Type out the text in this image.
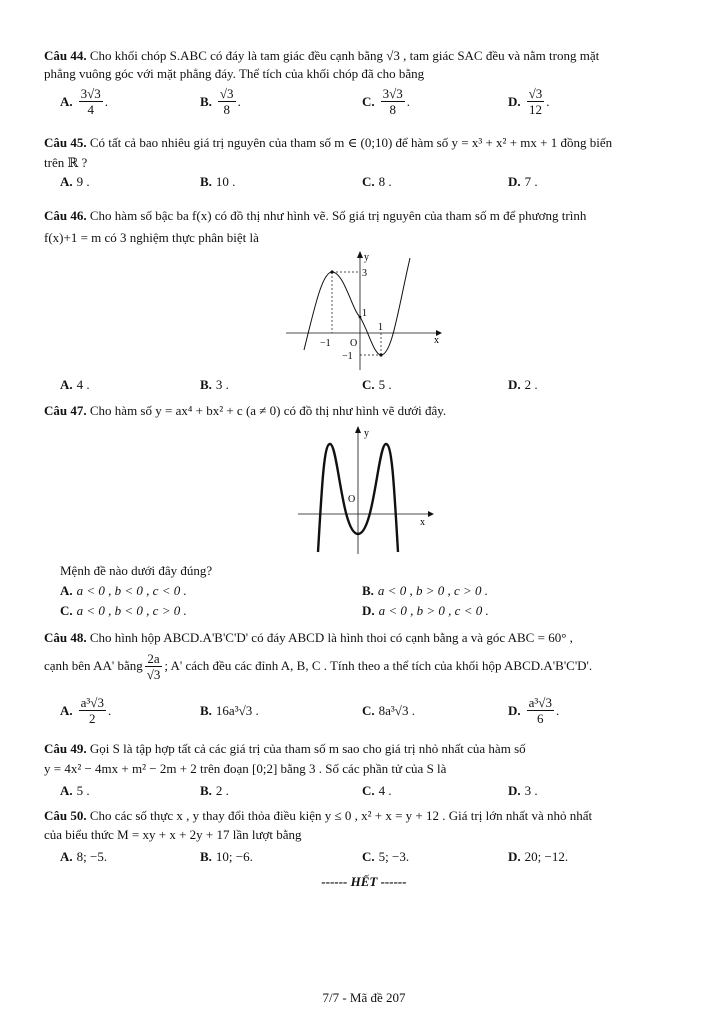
Câu 44. Cho khối chóp S.ABC có đáy là tam giác đều cạnh bằng √3 , tam giác SAC đều và nằm trong mặt
phẳng vuông góc với mặt phẳng đáy. Thể tích của khối chóp đã cho bằng
A. $\frac{3√3}{4}$ .	B. $\frac{√3}{8}$ .	C. $\frac{3√3}{8}$ .	D. $\frac{√3}{12}$ .
Câu 45. Có tất cả bao nhiêu giá trị nguyên của tham số m ∈ (0;10) để hàm số y = x³ + x² + mx + 1 đồng biến
trên ℝ ?
A. 9 .	B. 10 .	C. 8 .	D. 7 .
Câu 46. Cho hàm số bậc ba f(x) có đồ thị như hình vẽ. Số giá trị nguyên của tham số m để phương trình
f(x)+1 = m có 3 nghiệm thực phân biệt là
y
x
3
1
O
−1
1
−1
A. 4 .	B. 3 .	C. 5 .	D. 2 .
Câu 47. Cho hàm số y = ax⁴ + bx² + c (a ≠ 0) có đồ thị như hình vẽ dưới đây.
y
x
O
Mệnh đề nào dưới đây đúng?
A. a < 0 , b < 0 , c < 0 .	B. a < 0 , b > 0 , c > 0 .
C. a < 0 , b < 0 , c > 0 .	D. a < 0 , b > 0 , c < 0 .
Câu 48. Cho hình hộp ABCD.A'B'C'D' có đáy ABCD là hình thoi có cạnh bằng a và góc ABC = 60° ,
cạnh bên AA' bằng $\frac{2a}{√3}$ ; A' cách đều các đỉnh A, B, C . Tính theo a thể tích của khối hộp ABCD.A'B'C'D'.
A. $\frac{\text{a³√3}}{2}$ .	B. 16a³√3 .	C. 8a³√3 .	D. $\frac{\text{a³√3}}{6}$ .
Câu 49. Gọi S là tập hợp tất cả các giá trị của tham số m sao cho giá trị nhỏ nhất của hàm số
y = 4x² − 4mx + m² − 2m + 2 trên đoạn [0;2] bằng 3 . Số các phần tử của S là
A. 5 .	B. 2 .	C. 4 .	D. 3 .
Câu 50. Cho các số thực x , y thay đổi thỏa điều kiện y ≤ 0 , x² + x = y + 12 . Giá trị lớn nhất và nhỏ nhất
của biểu thức M = xy + x + 2y + 17 lần lượt bằng
A. 8; −5.	B. 10; −6.	C. 5; −3.	D. 20; −12.
------ HẾT ------
7/7 - Mã đề 207
